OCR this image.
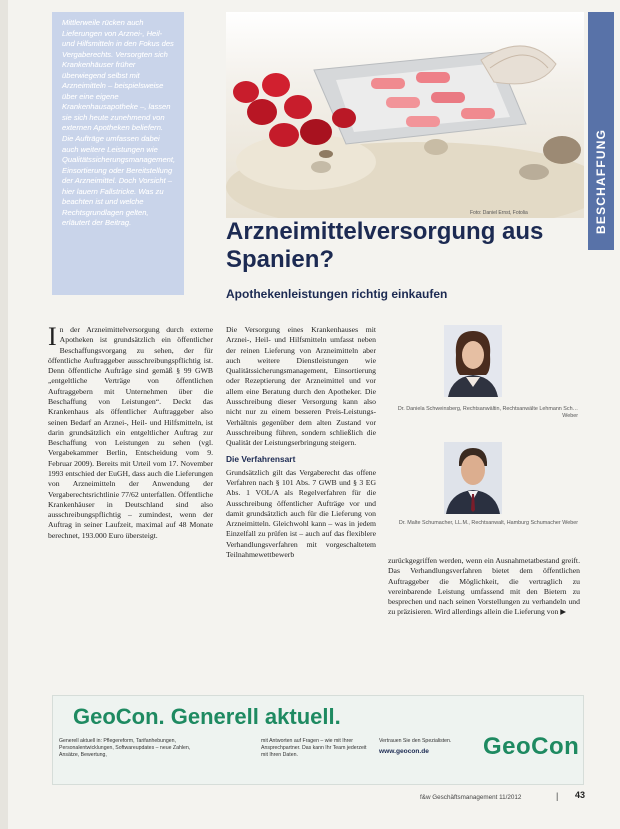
Mittlerweile rücken auch Lieferungen von Arznei-, Heil- und Hilfsmitteln in den Fokus des Vergaberechts. Versorgten sich Krankenhäuser früher überwiegend selbst mit Arzneimitteln – beispielsweise über eine eigene Krankenhausapotheke –, lassen sie sich heute zunehmend von externen Apotheken beliefern. Die Aufträge umfassen dabei auch weitere Leistungen wie Qualitätssicherungsmanagement, Einsortierung oder Bereitstellung der Arzneimittel. Doch Vorsicht – hier lauern Fallstricke. Was zu beachten ist und welche Rechtsgrundlagen gelten, erläutert der Beitrag.

Foto: Daniel Ernst, Fotolia	BESCHAFFUNG
Arzneimittelversorgung aus Spanien?
Apothekenleistungen richtig einkaufen
I n der Arzneimittelversorgung durch externe Apotheken ist grundsätzlich ein öffentlicher Beschaffungsvorgang zu sehen, der für öffentliche Auftraggeber ausschreibungspflichtig ist. Denn öffentliche Aufträge sind gemäß § 99 GWB „entgeltliche Verträge von öffentlichen Auftraggebern mit Unternehmen über die Beschaffung von Leistungen“. Deckt das Krankenhaus als öffentlicher Auftraggeber also seinen Bedarf an Arznei-, Heil- und Hilfsmitteln, ist darin grundsätzlich ein entgeltlicher Auftrag zur Beschaffung von Leistungen zu sehen (vgl. Vergabekammer Berlin, Entscheidung vom 9. Februar 2009). Bereits mit Urteil vom 17. November 1993 entschied der EuGH, dass auch die Lieferungen von Arzneimitteln der Anwendung der Vergaberechtsrichtlinie 77/62 unterfallen. Öffentliche Krankenhäuser in Deutschland sind also ausschreibungspflichtig – zumindest, wenn der Auftrag in seiner Laufzeit, maximal auf 48 Monate berechnet, 193.000 Euro übersteigt.

Die Versorgung eines Krankenhauses mit Arznei-, Heil- und Hilfsmitteln umfasst neben der reinen Lieferung von Arzneimitteln aber auch weitere Dienstleistungen wie Qualitätssicherungsmanagement, Einsortierung oder Rezeptierung der Arzneimittel und vor allem eine Beratung durch den Apotheker. Die Ausschreibung dieser Versorgung kann also nicht nur zu einem besseren Preis-Leistungs-Verhältnis gegenüber dem alten Zustand vor Ausschreibung führen, sondern schließlich die Qualität der Leistungserbringung steigern.

Die Verfahrensart

Grundsätzlich gilt das Vergaberecht das offene Verfahren nach § 101 Abs. 7 GWB und § 3 EG Abs. 1 VOL/A als Regelverfahren für die Ausschreibung öffentlicher Aufträge vor und damit grundsätzlich auch für die Lieferung von Arzneimitteln. Gleichwohl kann – was in jedem Einzelfall zu prüfen ist – auch auf das flexiblere Verhandlungsverfahren mit vorgeschaltetem Teilnahmewettbewerb

Dr. Daniela Schweinsberg, Rechtsanwältin, Rechtsanwälte Lehmann Sch… Weber
Dr. Malte Schumacher, LL.M., Rechtsanwalt, Hamburg Schumacher Weber

zurückgegriffen werden, wenn ein Ausnahmetatbestand greift. Das Verhandlungsverfahren bietet dem öffentlichen Auftraggeber die Möglichkeit, die vertraglich zu vereinbarende Leistung umfassend mit den Bietern zu besprechen und nach seinen Vorstellungen zu verhandeln und zu präzisieren. Wird allerdings allein die Lieferung von ▶

GeoCon. Generell aktuell.

Generell aktuell in: Pflegereform, Tarifanhebungen, Personalentwicklungen, Softwareupdates – neue Zahlen, Ansätze, Bewertung,

mit Antworten auf Fragen – wie mit Ihrer Ansprechpartner. Das kann Ihr Team jederzeit mit Ihren Daten.

Vertrauen Sie den Spezialisten.
www.geocon.de	GeoCon
f&w Geschäftsmanagement 11/2012	| 43
